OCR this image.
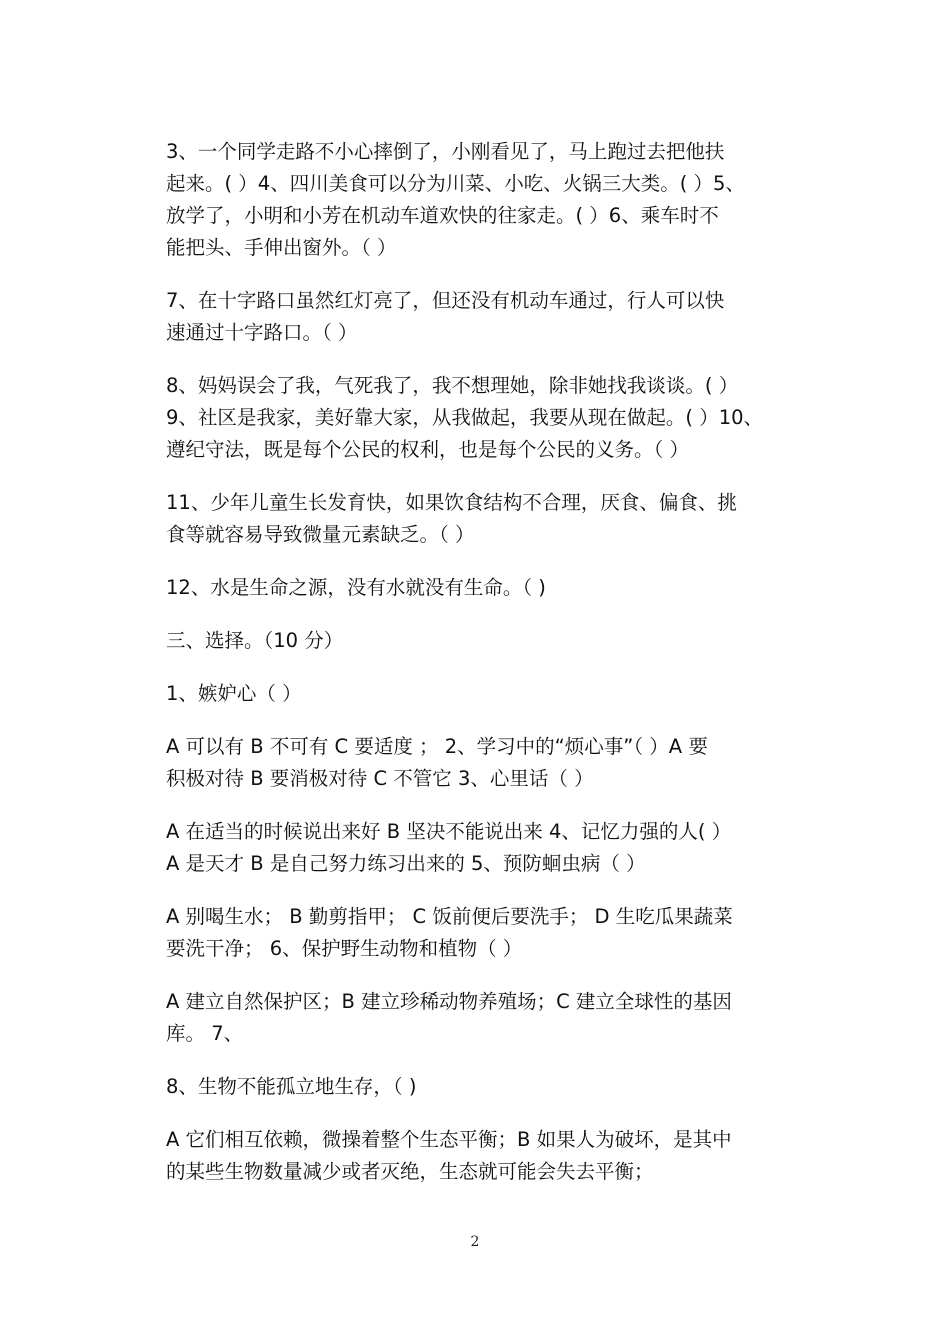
3、一个同学走路不小心摔倒了，小刚看见了，马上跑过去把他扶
起来。( ）4、四川美食可以分为川菜、小吃、火锅三大类。( ）5、
放学了，小明和小芳在机动车道欢快的往家走。( ）6、乘车时不
能把头、手伸出窗外。（ ）
7、在十字路口虽然红灯亮了，但还没有机动车通过，行人可以快
速通过十字路口。（ ）
8、妈妈误会了我，气死我了，我不想理她，除非她找我谈谈。( ）
9、社区是我家，美好靠大家，从我做起，我要从现在做起。( ）10、
遵纪守法，既是每个公民的权利，也是每个公民的义务。（ ）
11、少年儿童生长发育快，如果饮食结构不合理，厌食、偏食、挑
食等就容易导致微量元素缺乏。（ ）
12、水是生命之源，没有水就没有生命。（ )
三、选择。（10 分）
1、嫉妒心（ ）
A 可以有 B 不可有 C 要适度 ； 2、学习中的“烦心事”（ ）A 要
积极对待 B 要消极对待 C 不管它 3、心里话（ ）
A 在适当的时候说出来好 B 坚决不能说出来 4、记忆力强的人( ）
A 是天才 B 是自己努力练习出来的 5、预防蛔虫病（ ）
A 别喝生水； B 勤剪指甲； C 饭前便后要洗手； D 生吃瓜果蔬菜
要洗干净； 6、保护野生动物和植物（ ）
A 建立自然保护区；B 建立珍稀动物养殖场；C 建立全球性的基因
库。 7、
8、生物不能孤立地生存，（ )
A 它们相互依赖，微操着整个生态平衡；B 如果人为破坏，是其中
的某些生物数量减少或者灭绝，生态就可能会失去平衡；
2
